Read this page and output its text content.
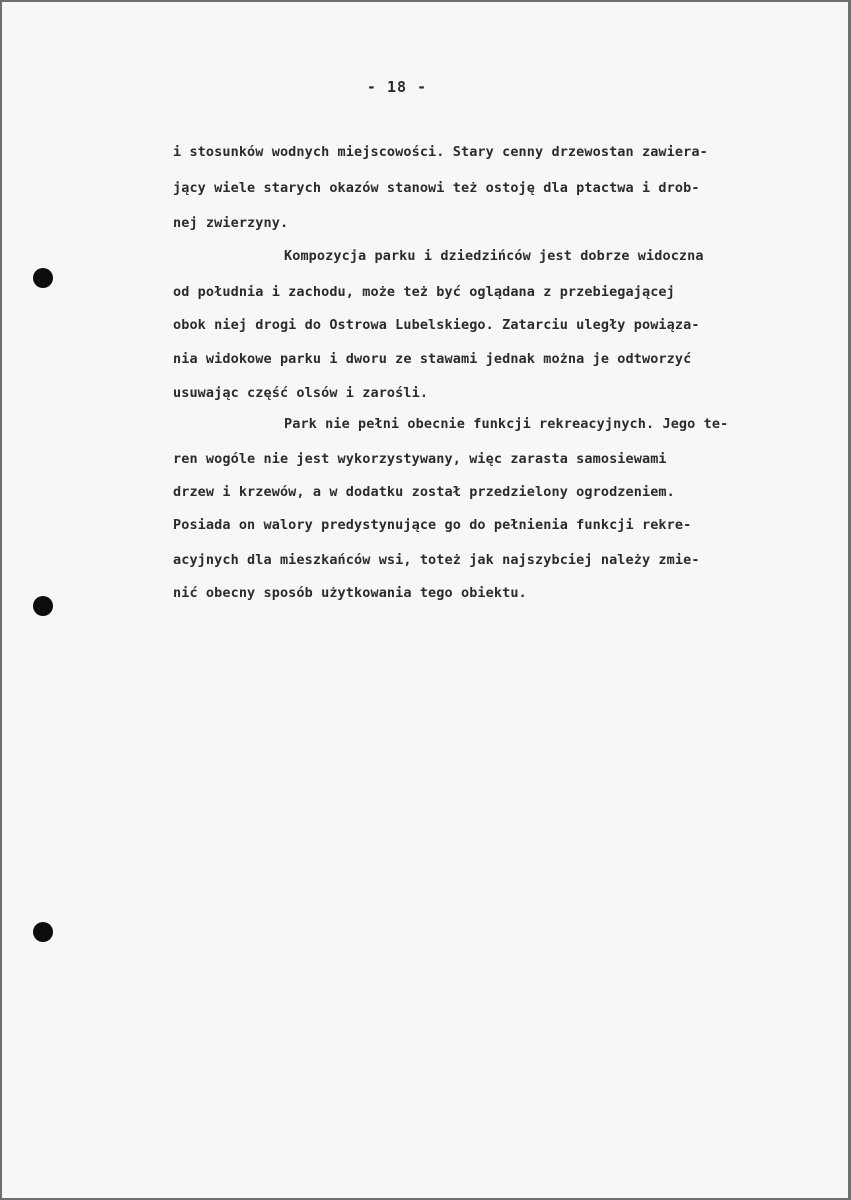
- 18 -
i stosunków wodnych miejscowości. Stary cenny drzewostan zawiera-
jący wiele starych okazów stanowi też ostoję dla ptactwa i drob-
nej zwierzyny.
Kompozycja parku i dziedzińców jest dobrze widoczna
od południa i zachodu, może też być oglądana z przebiegającej
obok niej drogi do Ostrowa Lubelskiego. Zatarciu uległy powiąza-
nia widokowe parku i dworu ze stawami jednak można je odtworzyć
usuwając część olsów i zarośli.
Park nie pełni obecnie funkcji rekreacyjnych. Jego te-
ren wogóle nie jest wykorzystywany, więc zarasta samosiewami
drzew i krzewów, a w dodatku został przedzielony ogrodzeniem.
Posiada on walory predystynujące go do pełnienia funkcji rekre-
acyjnych dla mieszkańców wsi, toteż jak najszybciej należy zmie-
nić obecny sposób użytkowania tego obiektu.
